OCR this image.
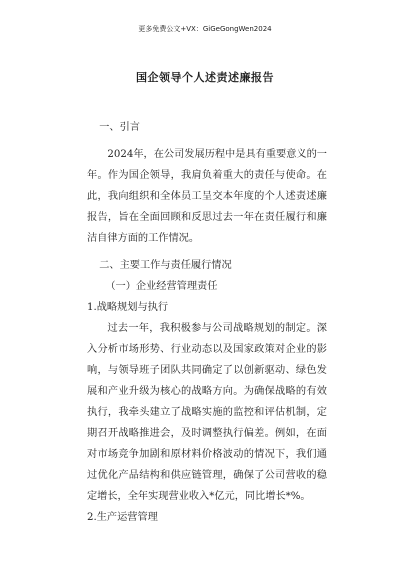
更多免费公文+VX：GiGeGongWen2024
国企领导个人述责述廉报告

一、引言

2024年，在公司发展历程中是具有重要意义的一年。作为国企领导，我肩负着重大的责任与使命。在此，我向组织和全体员工呈交本年度的个人述责述廉报告，旨在全面回顾和反思过去一年在责任履行和廉洁自律方面的工作情况。

二、主要工作与责任履行情况

（一）企业经营管理责任

1.战略规划与执行

过去一年，我积极参与公司战略规划的制定。深入分析市场形势、行业动态以及国家政策对企业的影响，与领导班子团队共同确定了以创新驱动、绿色发展和产业升级为核心的战略方向。为确保战略的有效执行，我牵头建立了战略实施的监控和评估机制，定期召开战略推进会，及时调整执行偏差。例如，在面对市场竞争加剧和原材料价格波动的情况下，我们通过优化产品结构和供应链管理，确保了公司营收的稳定增长，全年实现营业收入*亿元，同比增长*%。

2.生产运营管理
